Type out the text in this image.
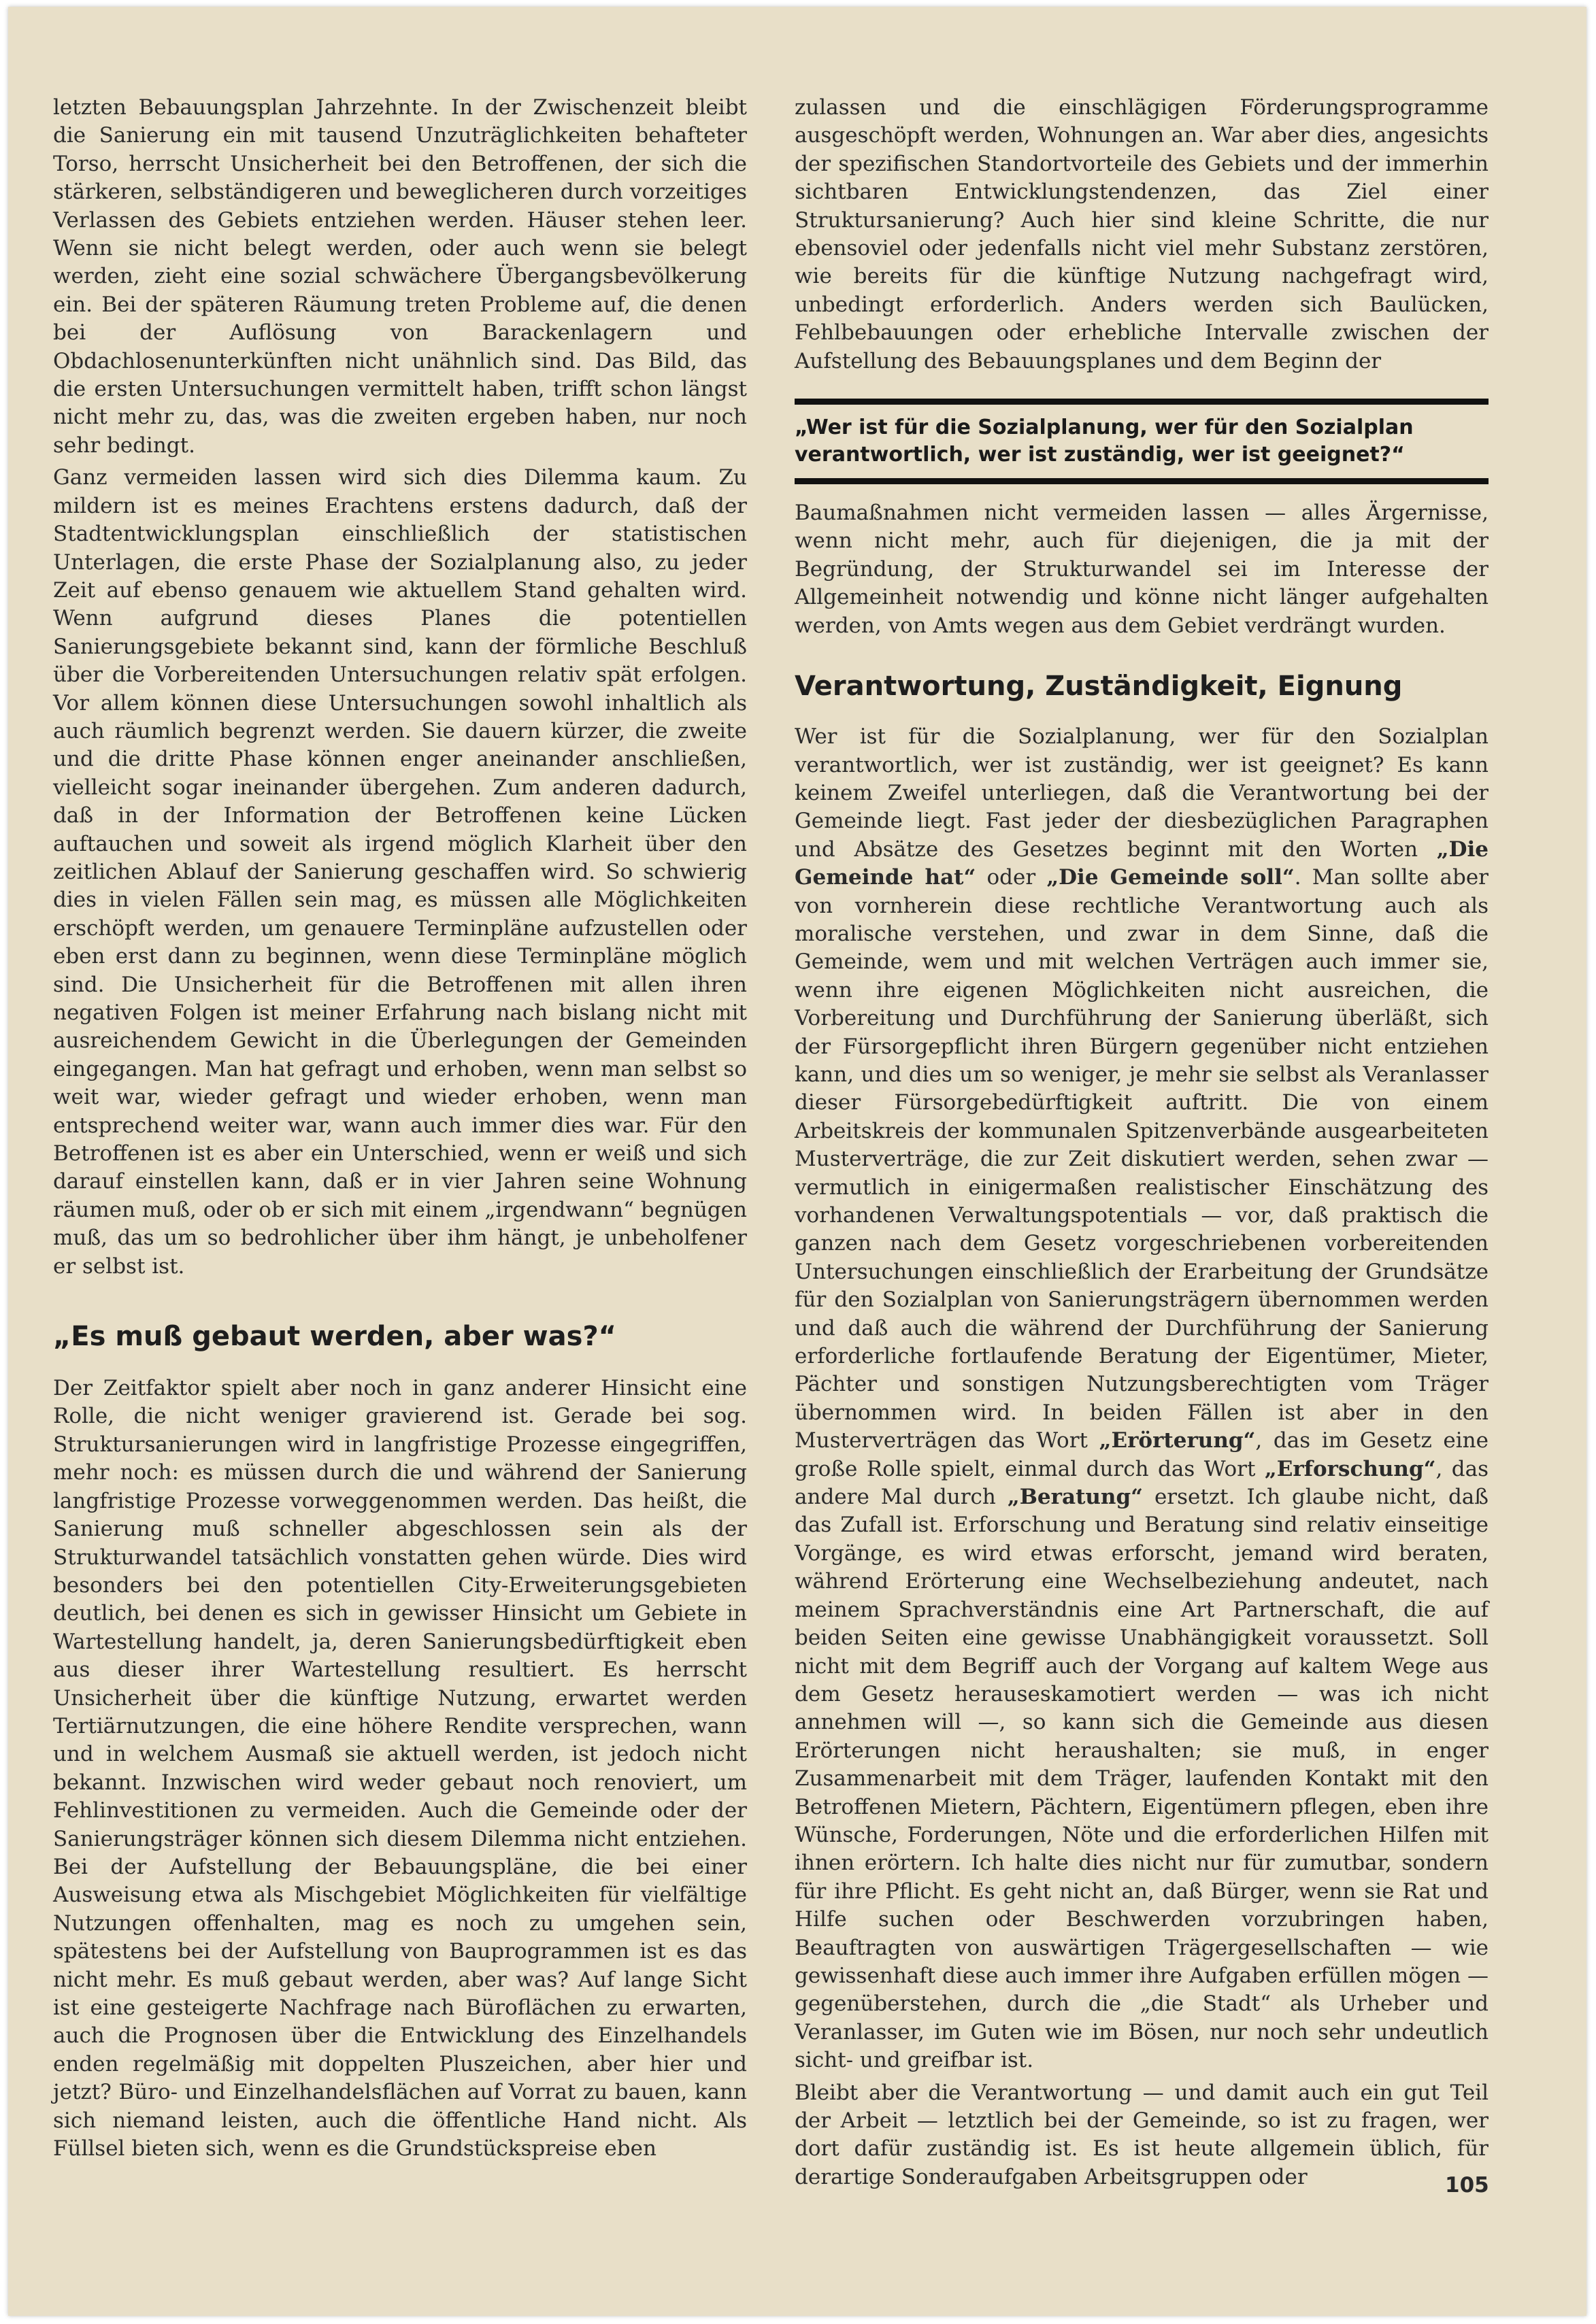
letzten Bebauungsplan Jahrzehnte. In der Zwischenzeit bleibt die Sanierung ein mit tausend Unzuträglichkeiten behafteter Torso, herrscht Unsicherheit bei den Betroffenen, der sich die stärkeren, selbständigeren und beweglicheren durch vorzeitiges Verlassen des Gebiets entziehen werden. Häuser stehen leer. Wenn sie nicht belegt werden, oder auch wenn sie belegt werden, zieht eine sozial schwächere Übergangsbevölkerung ein. Bei der späteren Räumung treten Probleme auf, die denen bei der Auflösung von Barackenlagern und Obdachlosenunterkünften nicht unähnlich sind. Das Bild, das die ersten Untersuchungen vermittelt haben, trifft schon längst nicht mehr zu, das, was die zweiten ergeben haben, nur noch sehr bedingt.

Ganz vermeiden lassen wird sich dies Dilemma kaum. Zu mildern ist es meines Erachtens erstens dadurch, daß der Stadtentwicklungsplan einschließlich der statistischen Unterlagen, die erste Phase der Sozialplanung also, zu jeder Zeit auf ebenso genauem wie aktuellem Stand gehalten wird. Wenn aufgrund dieses Planes die potentiellen Sanierungsgebiete bekannt sind, kann der förmliche Beschluß über die Vorbereitenden Untersuchungen relativ spät erfolgen. Vor allem können diese Untersuchungen sowohl inhaltlich als auch räumlich begrenzt werden. Sie dauern kürzer, die zweite und die dritte Phase können enger aneinander anschließen, vielleicht sogar ineinander übergehen. Zum anderen dadurch, daß in der Information der Betroffenen keine Lücken auftauchen und soweit als irgend möglich Klarheit über den zeitlichen Ablauf der Sanierung geschaffen wird. So schwierig dies in vielen Fällen sein mag, es müssen alle Möglichkeiten erschöpft werden, um genauere Terminpläne aufzustellen oder eben erst dann zu beginnen, wenn diese Terminpläne möglich sind. Die Unsicherheit für die Betroffenen mit allen ihren negativen Folgen ist meiner Erfahrung nach bislang nicht mit ausreichendem Gewicht in die Überlegungen der Gemeinden eingegangen. Man hat gefragt und erhoben, wenn man selbst so weit war, wieder gefragt und wieder erhoben, wenn man entsprechend weiter war, wann auch immer dies war. Für den Betroffenen ist es aber ein Unterschied, wenn er weiß und sich darauf einstellen kann, daß er in vier Jahren seine Wohnung räumen muß, oder ob er sich mit einem „irgendwann“ begnügen muß, das um so bedrohlicher über ihm hängt, je unbeholfener er selbst ist.

„Es muß gebaut werden, aber was?“

Der Zeitfaktor spielt aber noch in ganz anderer Hinsicht eine Rolle, die nicht weniger gravierend ist. Gerade bei sog. Struktursanierungen wird in langfristige Prozesse eingegriffen, mehr noch: es müssen durch die und während der Sanierung langfristige Prozesse vorweggenommen werden. Das heißt, die Sanierung muß schneller abgeschlossen sein als der Strukturwandel tatsächlich vonstatten gehen würde. Dies wird besonders bei den potentiellen City-Erweiterungsgebieten deutlich, bei denen es sich in gewisser Hinsicht um Gebiete in Wartestellung handelt, ja, deren Sanierungsbedürftigkeit eben aus dieser ihrer Wartestellung resultiert. Es herrscht Unsicherheit über die künftige Nutzung, erwartet werden Tertiärnutzungen, die eine höhere Rendite versprechen, wann und in welchem Ausmaß sie aktuell werden, ist jedoch nicht bekannt. Inzwischen wird weder gebaut noch renoviert, um Fehlinvestitionen zu vermeiden. Auch die Gemeinde oder der Sanierungsträger können sich diesem Dilemma nicht entziehen. Bei der Aufstellung der Bebauungspläne, die bei einer Ausweisung etwa als Mischgebiet Möglichkeiten für vielfältige Nutzungen offenhalten, mag es noch zu umgehen sein, spätestens bei der Aufstellung von Bauprogrammen ist es das nicht mehr. Es muß gebaut werden, aber was? Auf lange Sicht ist eine gesteigerte Nachfrage nach Büroflächen zu erwarten, auch die Prognosen über die Entwicklung des Einzelhandels enden regelmäßig mit doppelten Pluszeichen, aber hier und jetzt? Büro- und Einzelhandelsflächen auf Vorrat zu bauen, kann sich niemand leisten, auch die öffentliche Hand nicht. Als Füllsel bieten sich, wenn es die Grundstückspreise eben

zulassen und die einschlägigen Förderungsprogramme ausgeschöpft werden, Wohnungen an. War aber dies, angesichts der spezifischen Standortvorteile des Gebiets und der immerhin sichtbaren Entwicklungstendenzen, das Ziel einer Struktursanierung? Auch hier sind kleine Schritte, die nur ebensoviel oder jedenfalls nicht viel mehr Substanz zerstören, wie bereits für die künftige Nutzung nachgefragt wird, unbedingt erforderlich. Anders werden sich Baulücken, Fehlbebauungen oder erhebliche Intervalle zwischen der Aufstellung des Bebauungsplanes und dem Beginn der

„Wer ist für die Sozialplanung, wer für den Sozialplan verantwortlich, wer ist zuständig, wer ist geeignet?“

Baumaßnahmen nicht vermeiden lassen — alles Ärgernisse, wenn nicht mehr, auch für diejenigen, die ja mit der Begründung, der Strukturwandel sei im Interesse der Allgemeinheit notwendig und könne nicht länger aufgehalten werden, von Amts wegen aus dem Gebiet verdrängt wurden.

Verantwortung, Zuständigkeit, Eignung

Wer ist für die Sozialplanung, wer für den Sozialplan verantwortlich, wer ist zuständig, wer ist geeignet? Es kann keinem Zweifel unterliegen, daß die Verantwortung bei der Gemeinde liegt. Fast jeder der diesbezüglichen Paragraphen und Absätze des Gesetzes beginnt mit den Worten „Die Gemeinde hat“ oder „Die Gemeinde soll“. Man sollte aber von vornherein diese rechtliche Verantwortung auch als moralische verstehen, und zwar in dem Sinne, daß die Gemeinde, wem und mit welchen Verträgen auch immer sie, wenn ihre eigenen Möglichkeiten nicht ausreichen, die Vorbereitung und Durchführung der Sanierung überläßt, sich der Fürsorgepflicht ihren Bürgern gegenüber nicht entziehen kann, und dies um so weniger, je mehr sie selbst als Veranlasser dieser Fürsorgebedürftigkeit auftritt. Die von einem Arbeitskreis der kommunalen Spitzenverbände ausgearbeiteten Musterverträge, die zur Zeit diskutiert werden, sehen zwar — vermutlich in einigermaßen realistischer Einschätzung des vorhandenen Verwaltungspotentials — vor, daß praktisch die ganzen nach dem Gesetz vorgeschriebenen vorbereitenden Untersuchungen einschließlich der Erarbeitung der Grundsätze für den Sozialplan von Sanierungsträgern übernommen werden und daß auch die während der Durchführung der Sanierung erforderliche fortlaufende Beratung der Eigentümer, Mieter, Pächter und sonstigen Nutzungsberechtigten vom Träger übernommen wird. In beiden Fällen ist aber in den Musterverträgen das Wort „Erörterung“, das im Gesetz eine große Rolle spielt, einmal durch das Wort „Erforschung“, das andere Mal durch „Beratung“ ersetzt. Ich glaube nicht, daß das Zufall ist. Erforschung und Beratung sind relativ einseitige Vorgänge, es wird etwas erforscht, jemand wird beraten, während Erörterung eine Wechselbeziehung andeutet, nach meinem Sprachverständnis eine Art Partnerschaft, die auf beiden Seiten eine gewisse Unabhängigkeit voraussetzt. Soll nicht mit dem Begriff auch der Vorgang auf kaltem Wege aus dem Gesetz herauseskamotiert werden — was ich nicht annehmen will —, so kann sich die Gemeinde aus diesen Erörterungen nicht heraushalten; sie muß, in enger Zusammenarbeit mit dem Träger, laufenden Kontakt mit den Betroffenen Mietern, Pächtern, Eigentümern pflegen, eben ihre Wünsche, Forderungen, Nöte und die erforderlichen Hilfen mit ihnen erörtern. Ich halte dies nicht nur für zumutbar, sondern für ihre Pflicht. Es geht nicht an, daß Bürger, wenn sie Rat und Hilfe suchen oder Beschwerden vorzubringen haben, Beauftragten von auswärtigen Trägergesellschaften — wie gewissenhaft diese auch immer ihre Aufgaben erfüllen mögen — gegenüberstehen, durch die „die Stadt“ als Urheber und Veranlasser, im Guten wie im Bösen, nur noch sehr undeutlich sicht- und greifbar ist.

Bleibt aber die Verantwortung — und damit auch ein gut Teil der Arbeit — letztlich bei der Gemeinde, so ist zu fragen, wer dort dafür zuständig ist. Es ist heute allgemein üblich, für derartige Sonderaufgaben Arbeitsgruppen oder	105
